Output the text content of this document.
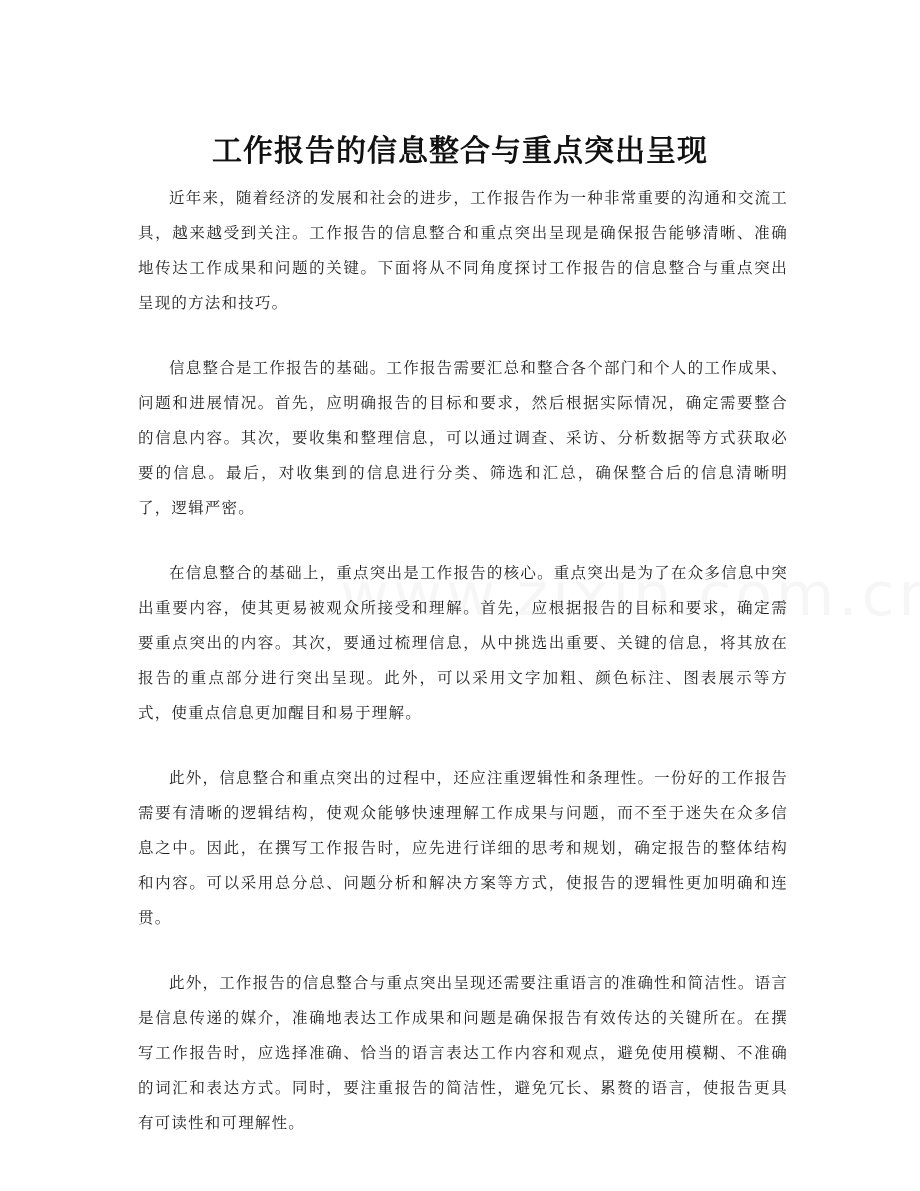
工作报告的信息整合与重点突出呈现

近年来，随着经济的发展和社会的进步，工作报告作为一种非常重要的沟通和交流工具，越来越受到关注。工作报告的信息整合和重点突出呈现是确保报告能够清晰、准确地传达工作成果和问题的关键。下面将从不同角度探讨工作报告的信息整合与重点突出呈现的方法和技巧。

信息整合是工作报告的基础。工作报告需要汇总和整合各个部门和个人的工作成果、问题和进展情况。首先，应明确报告的目标和要求，然后根据实际情况，确定需要整合的信息内容。其次，要收集和整理信息，可以通过调查、采访、分析数据等方式获取必要的信息。最后，对收集到的信息进行分类、筛选和汇总，确保整合后的信息清晰明了，逻辑严密。

在信息整合的基础上，重点突出是工作报告的核心。重点突出是为了在众多信息中突出重要内容，使其更易被观众所接受和理解。首先，应根据报告的目标和要求，确定需要重点突出的内容。其次，要通过梳理信息，从中挑选出重要、关键的信息，将其放在报告的重点部分进行突出呈现。此外，可以采用文字加粗、颜色标注、图表展示等方式，使重点信息更加醒目和易于理解。

此外，信息整合和重点突出的过程中，还应注重逻辑性和条理性。一份好的工作报告需要有清晰的逻辑结构，使观众能够快速理解工作成果与问题，而不至于迷失在众多信息之中。因此，在撰写工作报告时，应先进行详细的思考和规划，确定报告的整体结构和内容。可以采用总分总、问题分析和解决方案等方式，使报告的逻辑性更加明确和连贯。

此外，工作报告的信息整合与重点突出呈现还需要注重语言的准确性和简洁性。语言是信息传递的媒介，准确地表达工作成果和问题是确保报告有效传达的关键所在。在撰写工作报告时，应选择准确、恰当的语言表达工作内容和观点，避免使用模糊、不准确的词汇和表达方式。同时，要注重报告的简洁性，避免冗长、累赘的语言，使报告更具有可读性和可理解性。
